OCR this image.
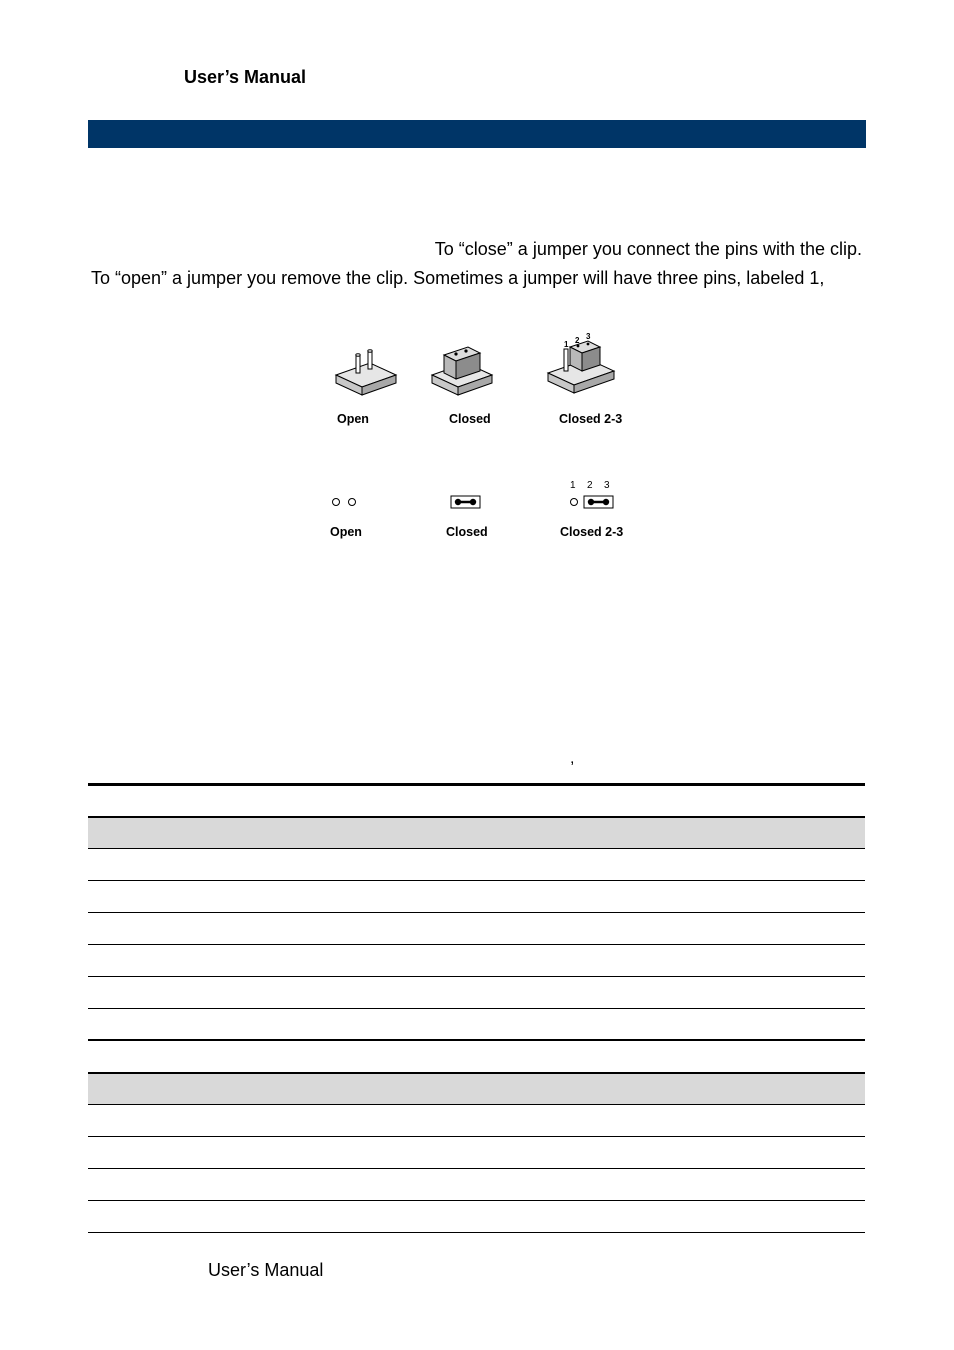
User’s Manual
To “close” a jumper you connect the pins with the clip.
To “open” a jumper you remove the clip. Sometimes a jumper will have three pins, labeled 1,
1 2 3
Open	Closed	Closed 2-3
1 2 3
Open	Closed	Closed 2-3
,
User’s Manual
